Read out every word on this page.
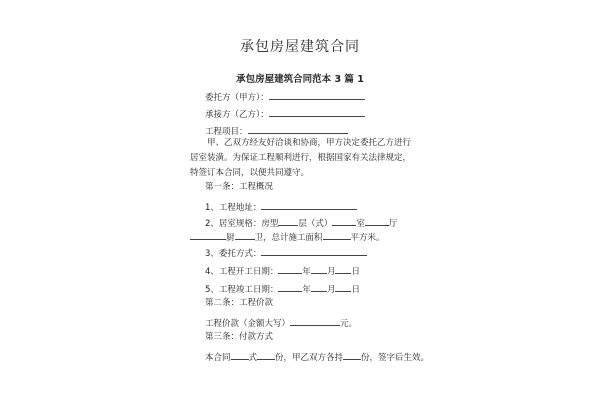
承包房屋建筑合同
承包房屋建筑合同范本 3 篇 1
委托方（甲方）：
承接方（乙方）：
工程项目：
甲、乙双方经友好洽谈和协商，甲方决定委托乙方进行居室装潢。为保证工程顺利进行，根据国家有关法律规定，特签订本合同，以便共同遵守。
第一条：工程概况
1、工程地址：
2、居室规格：房型 层（式）	室	厅
厨 卫，总计施工面积	平方米。
3、委托方式：
4、工程开工日期：	年 月 日
5、工程竣工日期：	年 月 日
第二条：工程价款
工程价款（金额大写）	元。
第三条：付款方式
本合同 式 份，甲乙双方各持 份，签字后生效。
